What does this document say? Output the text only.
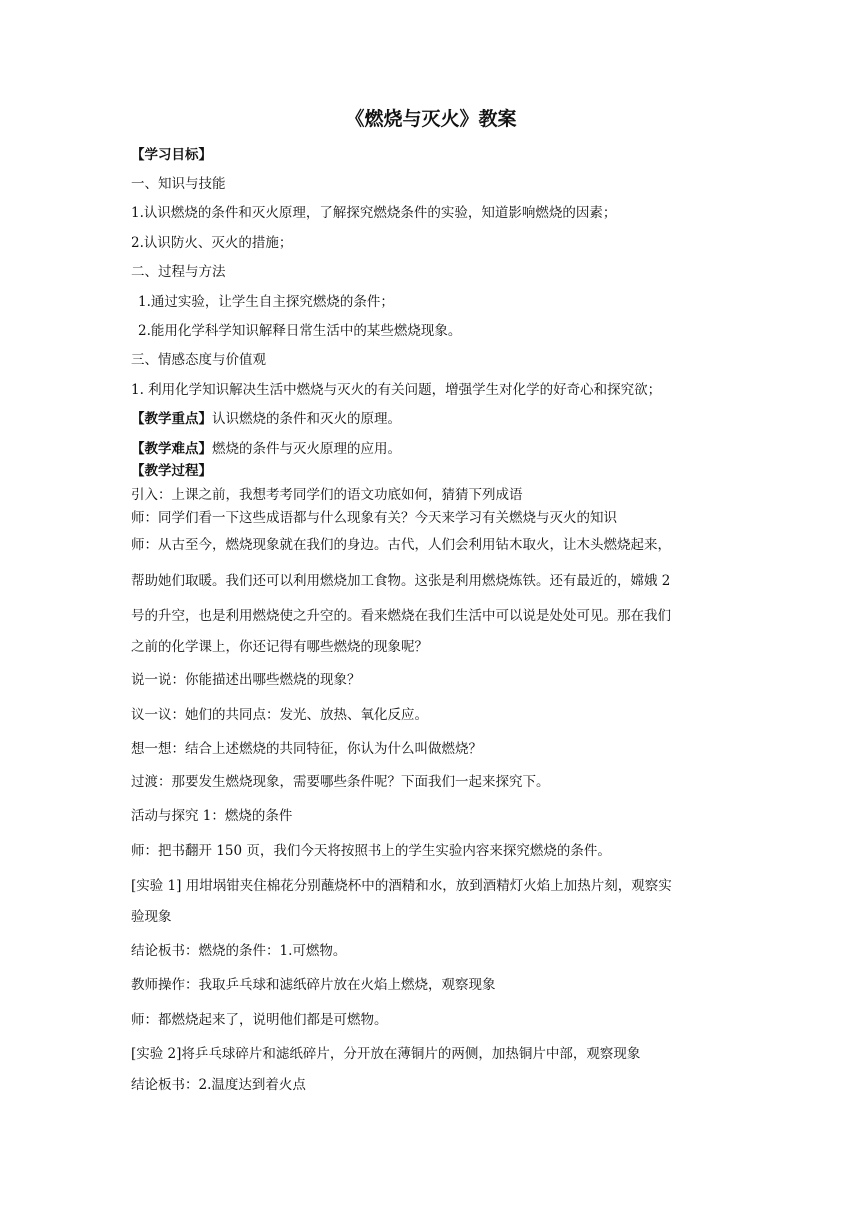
《燃烧与灭火》教案
【学习目标】
一、知识与技能
1.认识燃烧的条件和灭火原理，了解探究燃烧条件的实验，知道影响燃烧的因素；
2.认识防火、灭火的措施；
二、过程与方法
1.通过实验，让学生自主探究燃烧的条件；
2.能用化学科学知识解释日常生活中的某些燃烧现象。
三、情感态度与价值观
1. 利用化学知识解决生活中燃烧与灭火的有关问题，增强学生对化学的好奇心和探究欲；
【教学重点】认识燃烧的条件和灭火的原理。
【教学难点】燃烧的条件与灭火原理的应用。
【教学过程】
引入：上课之前，我想考考同学们的语文功底如何，猜猜下列成语
师：同学们看一下这些成语都与什么现象有关？今天来学习有关燃烧与灭火的知识
师：从古至今，燃烧现象就在我们的身边。古代，人们会利用钻木取火，让木头燃烧起来，
帮助她们取暖。我们还可以利用燃烧加工食物。这张是利用燃烧炼铁。还有最近的，嫦娥 2
号的升空，也是利用燃烧使之升空的。看来燃烧在我们生活中可以说是处处可见。那在我们
之前的化学课上，你还记得有哪些燃烧的现象呢？
说一说：你能描述出哪些燃烧的现象？
议一议：她们的共同点：发光、放热、氧化反应。
想一想：结合上述燃烧的共同特征，你认为什么叫做燃烧？
过渡：那要发生燃烧现象，需要哪些条件呢？下面我们一起来探究下。
活动与探究 1：燃烧的条件
师：把书翻开 150 页，我们今天将按照书上的学生实验内容来探究燃烧的条件。
[实验 1] 用坩埚钳夹住棉花分别蘸烧杯中的酒精和水，放到酒精灯火焰上加热片刻，观察实
验现象
结论板书：燃烧的条件：1.可燃物。
教师操作：我取乒乓球和滤纸碎片放在火焰上燃烧，观察现象
师：都燃烧起来了，说明他们都是可燃物。
[实验 2]将乒乓球碎片和滤纸碎片，分开放在薄铜片的两侧，加热铜片中部，观察现象
结论板书：2.温度达到着火点
